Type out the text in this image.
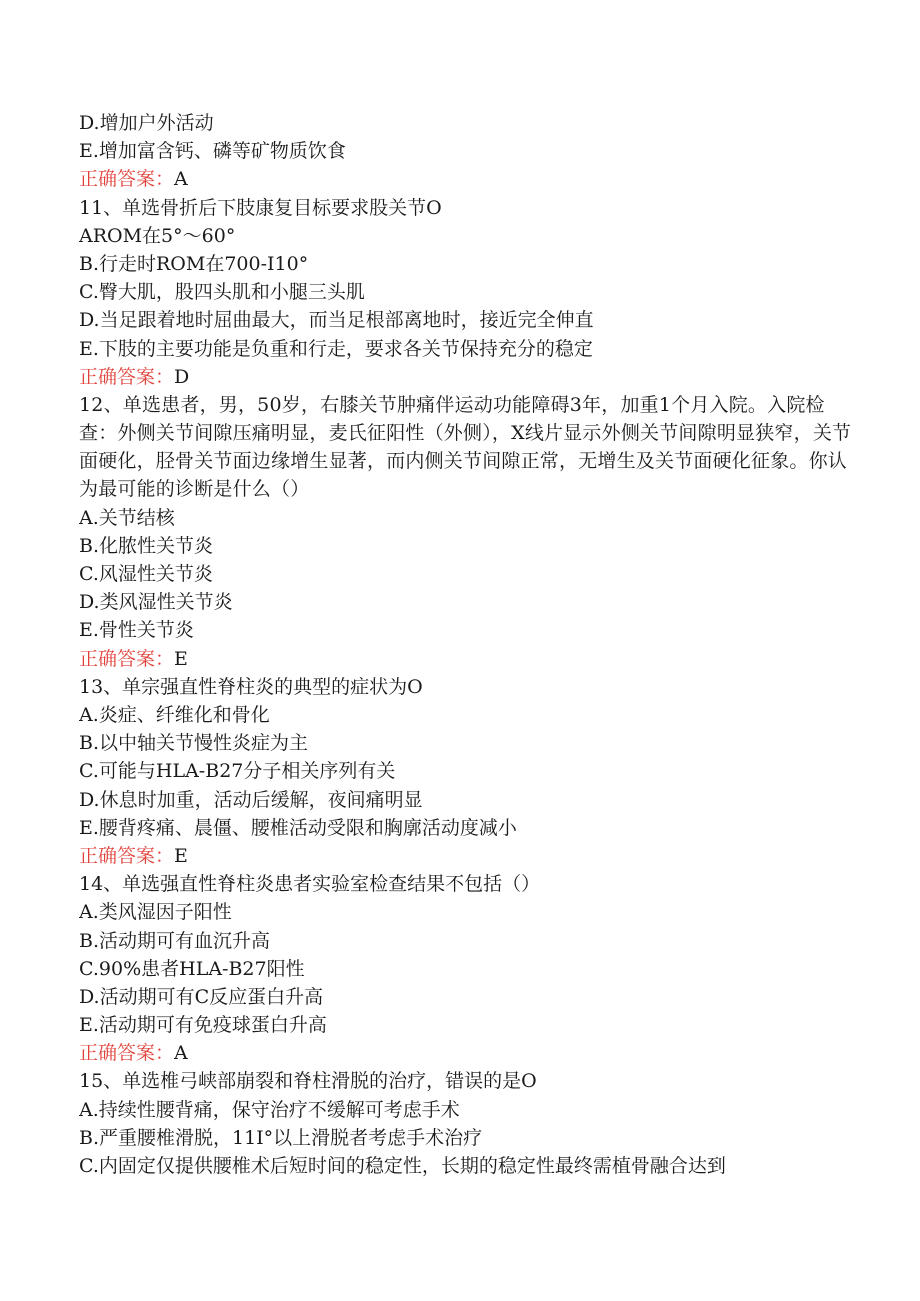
D.增加户外活动
E.增加富含钙、磷等矿物质饮食
正确答案：A
11、单选骨折后下肢康复目标要求股关节O
AROM在5°～60°
B.行走时ROM在700-I10°
C.臀大肌，股四头肌和小腿三头肌
D.当足跟着地时屈曲最大，而当足根部离地时，接近完全伸直
E.下肢的主要功能是负重和行走，要求各关节保持充分的稳定
正确答案：D
12、单选患者，男，50岁，右膝关节肿痛伴运动功能障碍3年，加重1个月入院。入院检查：外侧关节间隙压痛明显，麦氏征阳性（外侧），X线片显示外侧关节间隙明显狭窄，关节面硬化，胫骨关节面边缘增生显著，而内侧关节间隙正常，无增生及关节面硬化征象。你认为最可能的诊断是什么（）
A.关节结核
B.化脓性关节炎
C.风湿性关节炎
D.类风湿性关节炎
E.骨性关节炎
正确答案：E
13、单宗强直性脊柱炎的典型的症状为O
A.炎症、纤维化和骨化
B.以中轴关节慢性炎症为主
C.可能与HLA-B27分子相关序列有关
D.休息时加重，活动后缓解，夜间痛明显
E.腰背疼痛、晨僵、腰椎活动受限和胸廓活动度减小
正确答案：E
14、单选强直性脊柱炎患者实验室检查结果不包括（）
A.类风湿因子阳性
B.活动期可有血沉升高
C.90%患者HLA-B27阳性
D.活动期可有C反应蛋白升高
E.活动期可有免疫球蛋白升高
正确答案：A
15、单选椎弓峡部崩裂和脊柱滑脱的治疗，错误的是O
A.持续性腰背痛，保守治疗不缓解可考虑手术
B.严重腰椎滑脱，11I°以上滑脱者考虑手术治疗
C.内固定仅提供腰椎术后短时间的稳定性，长期的稳定性最终需植骨融合达到
